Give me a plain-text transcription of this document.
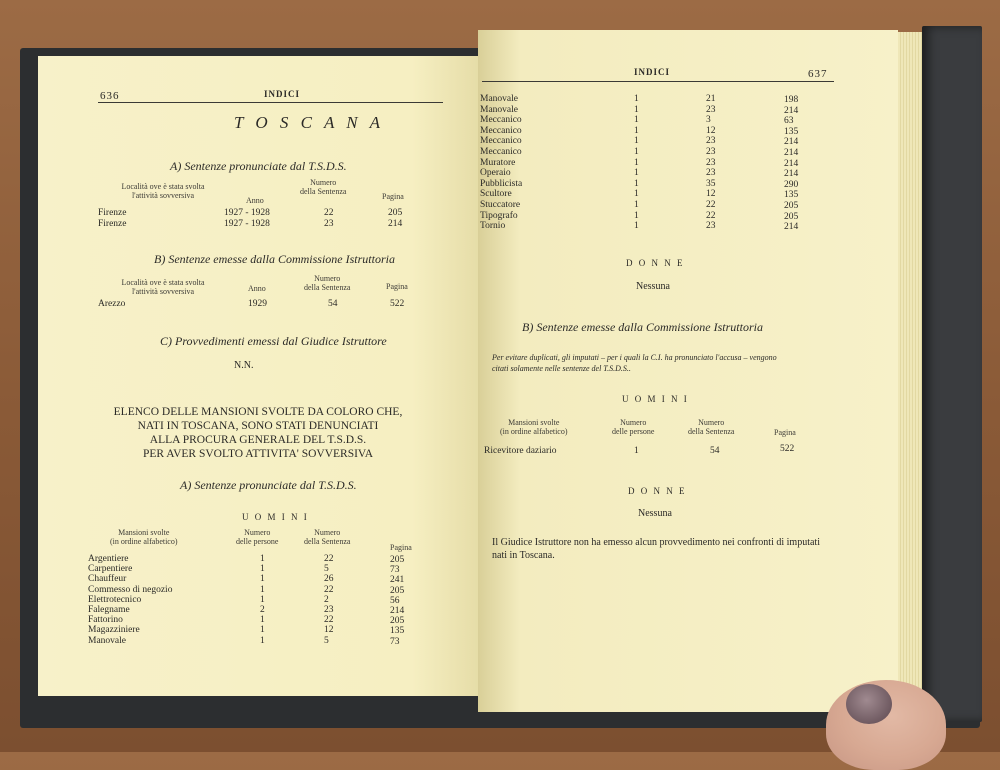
636	INDICI
T O S C A N A
A) Sentenze pronunciate dal T.S.D.S.
Località ove è stata svolta
l'attività sovversiva
Anno
Numero
della Sentenza
Pagina
Firenze	1927 - 1928	22	205
Firenze	1927 - 1928	23	214
B) Sentenze emesse dalla Commissione Istruttoria
Località ove è stata svolta
l'attività sovversiva	Anno
Numero
della Sentenza	Pagina
Arezzo	1929	54	522
C) Provvedimenti emessi dal Giudice Istruttore
N.N.
ELENCO DELLE MANSIONI SVOLTE DA COLORO CHE,
NATI IN TOSCANA, SONO STATI DENUNCIATI
ALLA PROCURA GENERALE DEL T.S.D.S.
PER AVER SVOLTO ATTIVITA' SOVVERSIVA
A) Sentenze pronunciate dal T.S.D.S.
U O M I N I
Mansioni svolte
(in ordine alfabetico)
Numero
delle persone
Numero
della Sentenza
Pagina
Argentiere	1	22	205
Carpentiere	1	5	73
Chauffeur	1	26	241
Commesso di negozio	1	22	205
Elettrotecnico	1	2	56
Falegname	2	23	214
Fattorino	1	22	205
Magazziniere	1	12	135
Manovale	1	5	73
INDICI	637
Manovale	1	21	198
Manovale	1	23	214
Meccanico	1	3	63
Meccanico	1	12	135
Meccanico	1	23	214
Meccanico	1	23	214
Muratore	1	23	214
Operaio	1	23	214
Pubblicista	1	35	290
Scultore	1	12	135
Stuccatore	1	22	205
Tipografo	1	22	205
Tornio	1	23	214
D O N N E
Nessuna
B) Sentenze emesse dalla Commissione Istruttoria
Per evitare duplicati, gli imputati – per i quali la C.I. ha pronunciato l'accusa – vengono
citati solamente nelle sentenze del T.S.D.S..
U O M I N I
Mansioni svolte
(in ordine alfabetico)
Numero
delle persone
Numero
della Sentenza	Pagina
Ricevitore daziario	1	54	522
D O N N E
Nessuna
Il Giudice Istruttore non ha emesso alcun provvedimento nei confronti di imputati
nati in Toscana.
